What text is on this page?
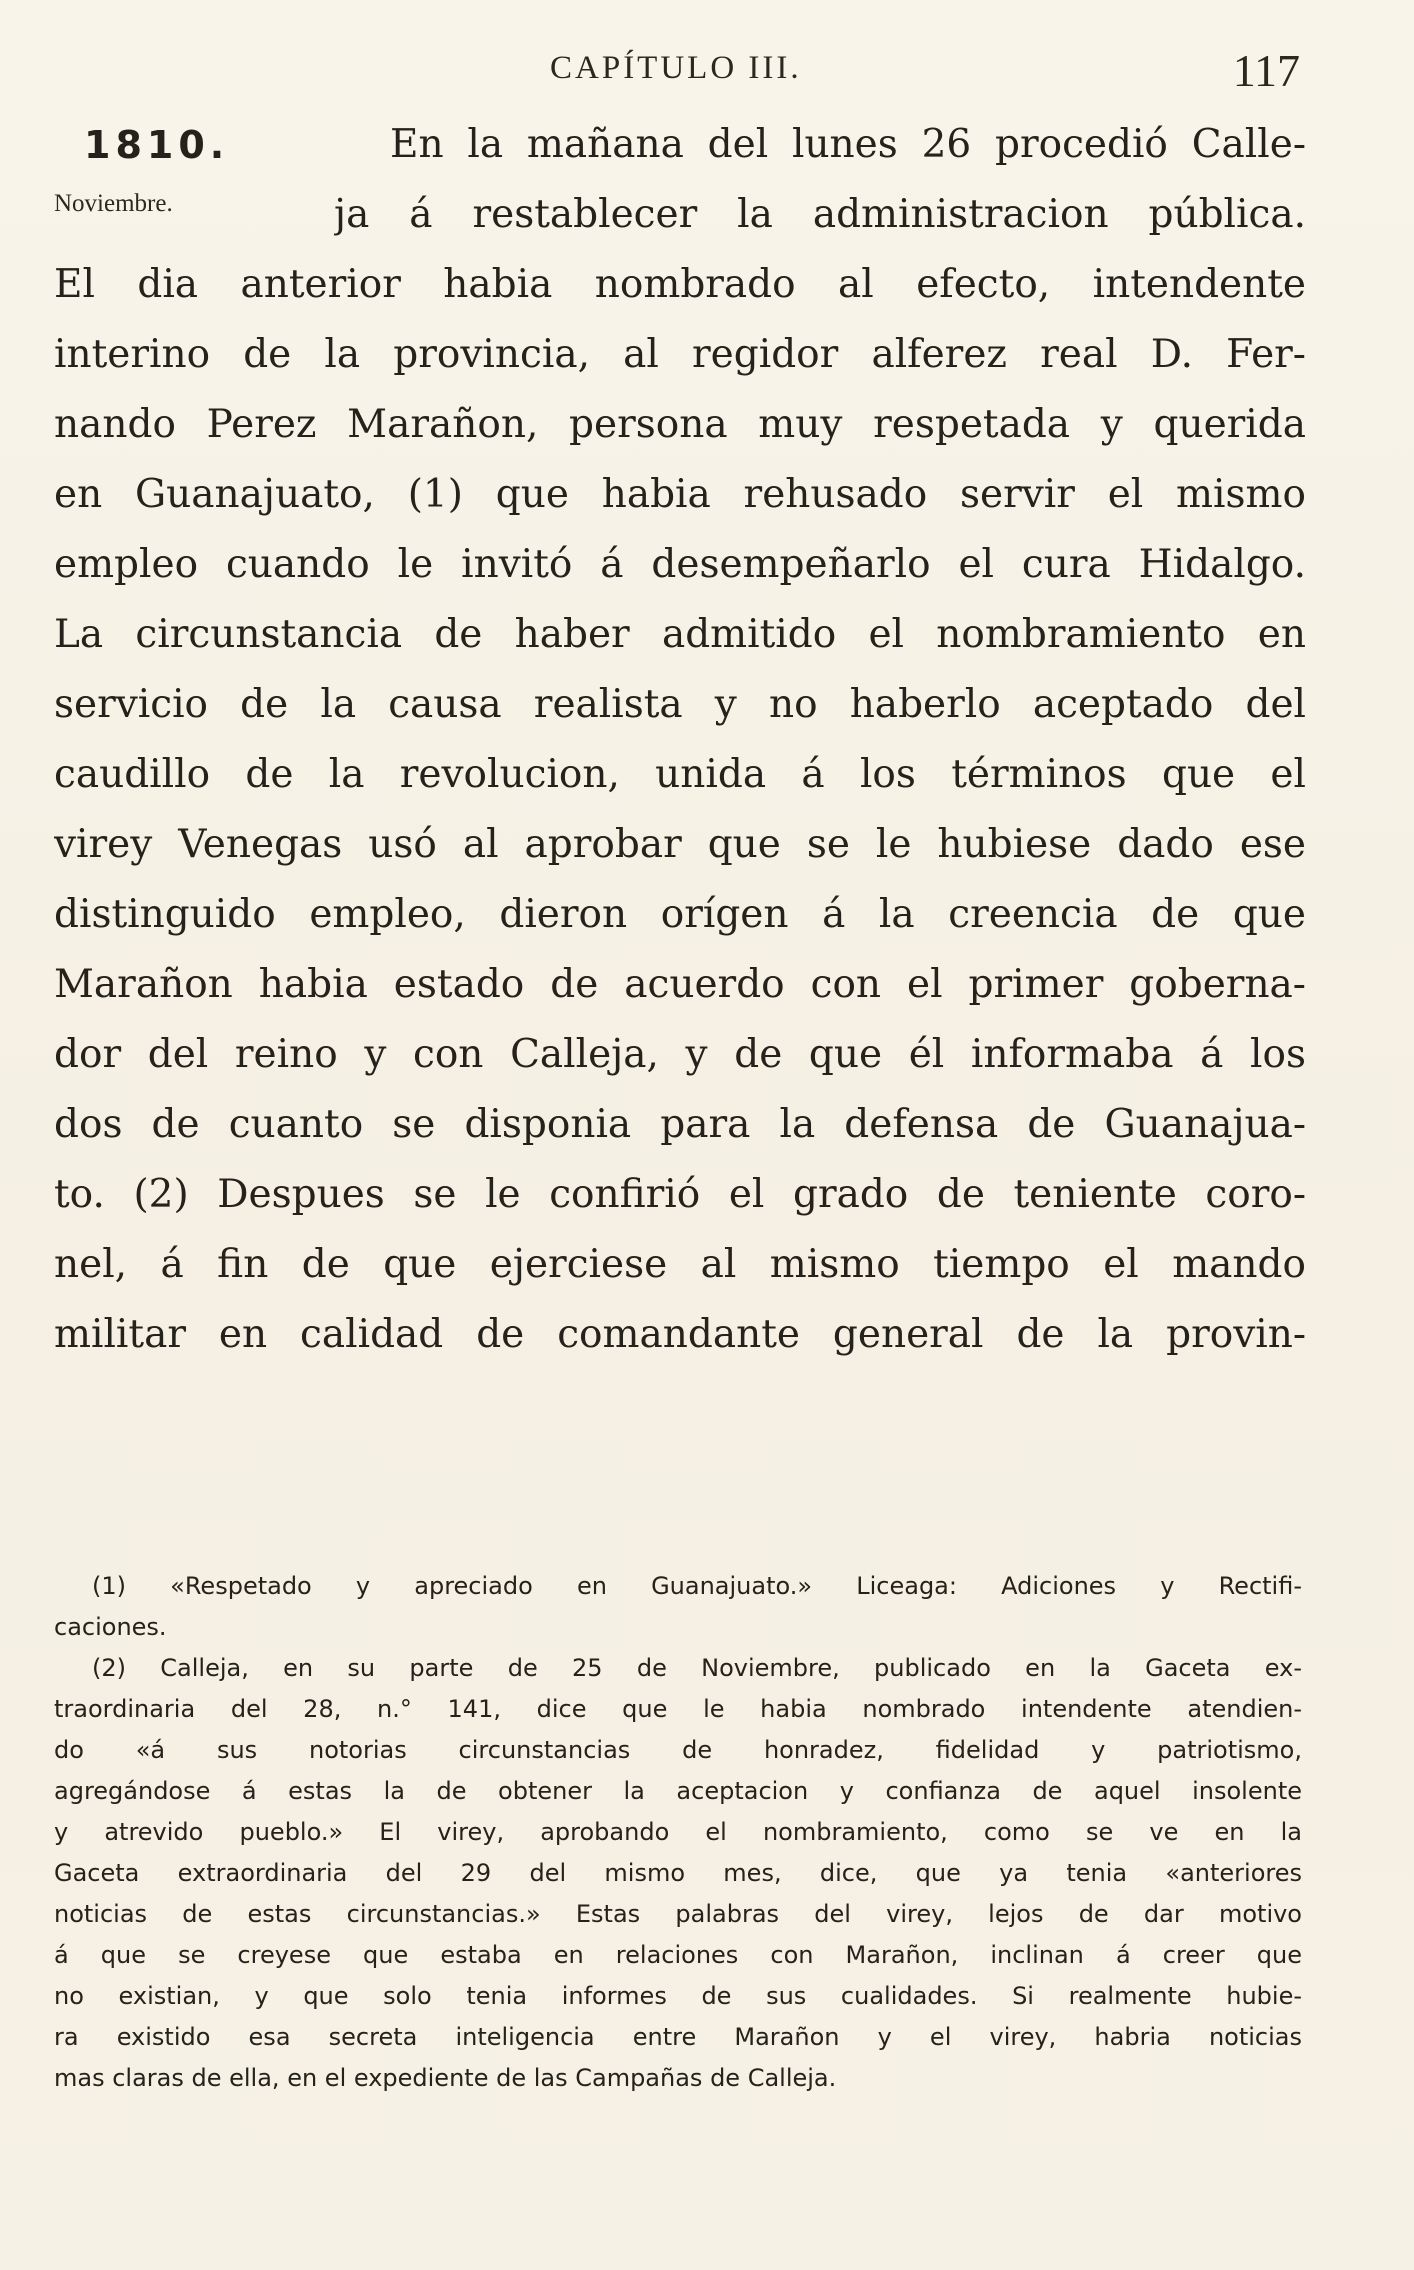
CAPÍTULO III.	117
1810.	En la mañana del lunes 26 procedió Calle-
Noviembre.	ja á restablecer la administracion pública.
El dia anterior habia nombrado al efecto, intendente
interino de la provincia, al regidor alferez real D. Fer-
nando Perez Marañon, persona muy respetada y querida
en Guanajuato, (1) que habia rehusado servir el mismo
empleo cuando le invitó á desempeñarlo el cura Hidalgo.
La circunstancia de haber admitido el nombramiento en
servicio de la causa realista y no haberlo aceptado del
caudillo de la revolucion, unida á los términos que el
virey Venegas usó al aprobar que se le hubiese dado ese
distinguido empleo, dieron orígen á la creencia de que
Marañon habia estado de acuerdo con el primer goberna-
dor del reino y con Calleja, y de que él informaba á los
dos de cuanto se disponia para la defensa de Guanajua-
to. (2) Despues se le confirió el grado de teniente coro-
nel, á fin de que ejerciese al mismo tiempo el mando
militar en calidad de comandante general de la provin-
(1) «Respetado y apreciado en Guanajuato.» Liceaga: Adiciones y Rectifi-
caciones.
(2) Calleja, en su parte de 25 de Noviembre, publicado en la Gaceta ex-
traordinaria del 28, n.° 141, dice que le habia nombrado intendente atendien-
do «á sus notorias circunstancias de honradez, fidelidad y patriotismo,
agregándose á estas la de obtener la aceptacion y confianza de aquel insolente
y atrevido pueblo.» El virey, aprobando el nombramiento, como se ve en la
Gaceta extraordinaria del 29 del mismo mes, dice, que ya tenia «anteriores
noticias de estas circunstancias.» Estas palabras del virey, lejos de dar motivo
á que se creyese que estaba en relaciones con Marañon, inclinan á creer que
no existian, y que solo tenia informes de sus cualidades. Si realmente hubie-
ra existido esa secreta inteligencia entre Marañon y el virey, habria noticias
mas claras de ella, en el expediente de las Campañas de Calleja.
